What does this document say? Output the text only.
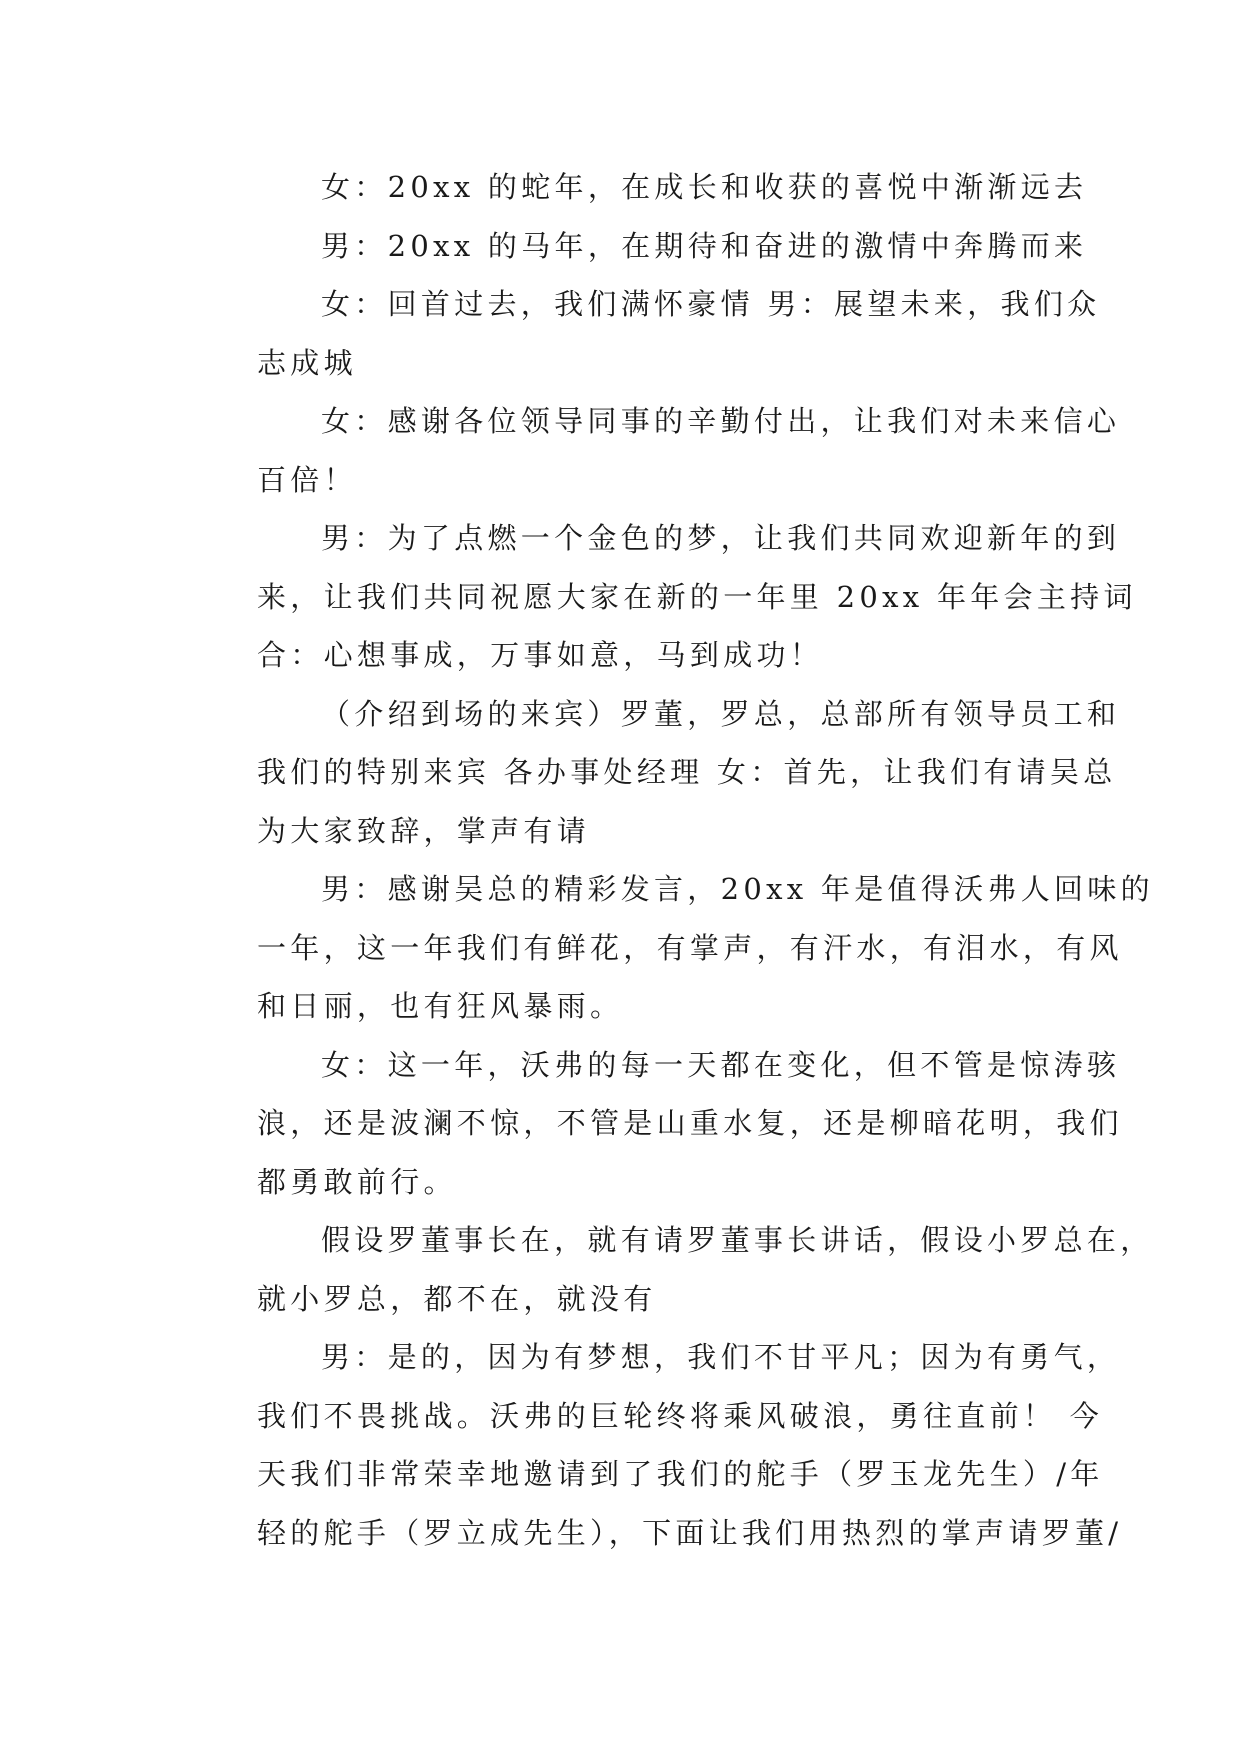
女：20xx 的蛇年，在成长和收获的喜悦中渐渐远去
男：20xx 的马年，在期待和奋进的激情中奔腾而来
女：回首过去，我们满怀豪情 男：展望未来，我们众
志成城
女：感谢各位领导同事的辛勤付出，让我们对未来信心
百倍！
男：为了点燃一个金色的梦，让我们共同欢迎新年的到
来，让我们共同祝愿大家在新的一年里 20xx 年年会主持词
合：心想事成，万事如意，马到成功！
（介绍到场的来宾）罗董，罗总，总部所有领导员工和
我们的特别来宾 各办事处经理 女：首先，让我们有请吴总
为大家致辞，掌声有请
男：感谢吴总的精彩发言，20xx 年是值得沃弗人回味的
一年，这一年我们有鲜花，有掌声，有汗水，有泪水，有风
和日丽，也有狂风暴雨。
女：这一年，沃弗的每一天都在变化，但不管是惊涛骇
浪，还是波澜不惊，不管是山重水复，还是柳暗花明，我们
都勇敢前行。
假设罗董事长在，就有请罗董事长讲话，假设小罗总在，
就小罗总，都不在，就没有
男：是的，因为有梦想，我们不甘平凡；因为有勇气，
我们不畏挑战。沃弗的巨轮终将乘风破浪，勇往直前！ 今
天我们非常荣幸地邀请到了我们的舵手（罗玉龙先生）/年
轻的舵手（罗立成先生），下面让我们用热烈的掌声请罗董/
